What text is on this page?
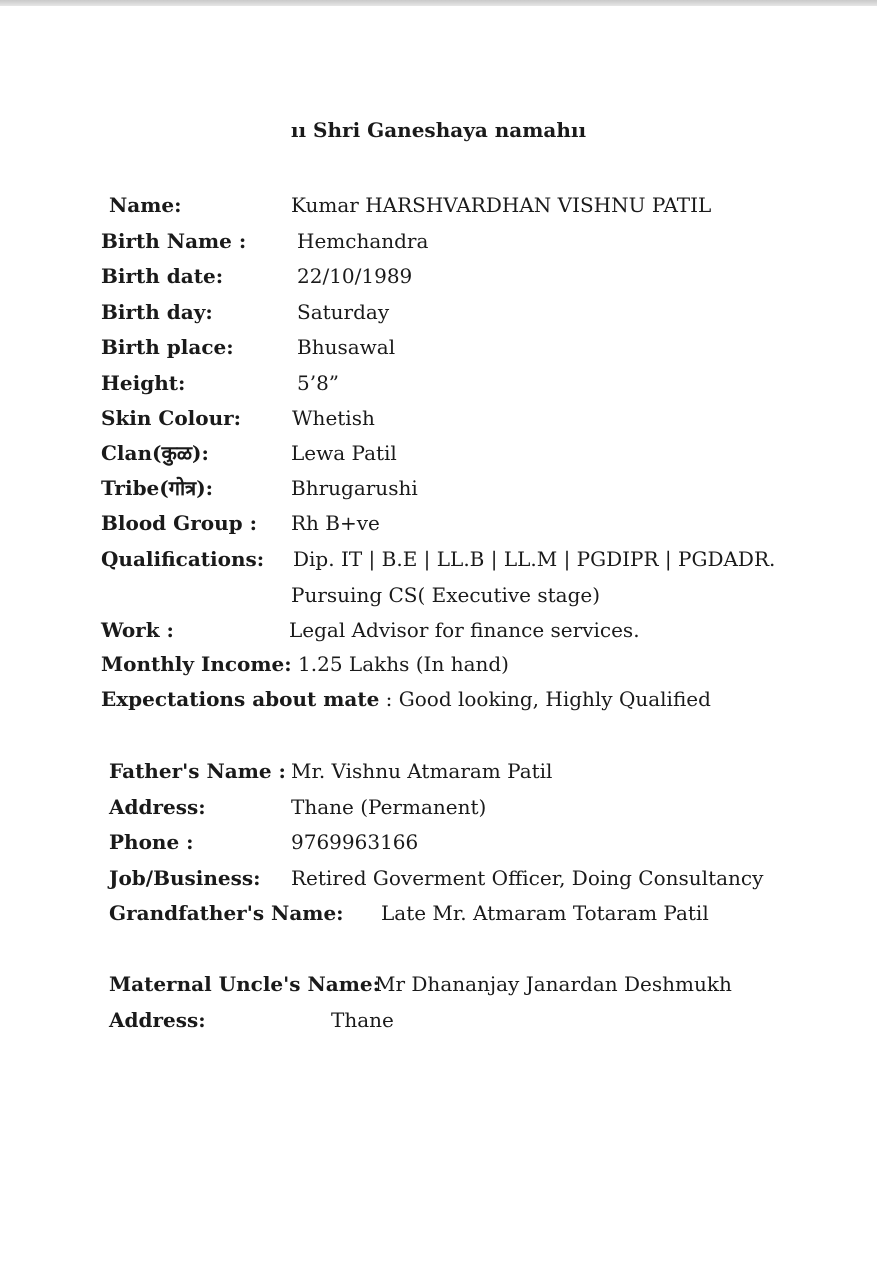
ıı Shri Ganeshaya namahıı
Name:	Kumar HARSHVARDHAN VISHNU PATIL
Birth Name :	Hemchandra
Birth date:	22/10/1989
Birth day:	Saturday
Birth place:	Bhusawal
Height:	5’8”
Skin Colour:	Whetish
Clan(कुळ):	Lewa Patil
Tribe(गोत्र):	Bhrugarushi
Blood Group : Rh B+ve
Qualifications: Dip. IT | B.E | LL.B | LL.M | PGDIPR | PGDADR.
Pursuing CS( Executive stage)
Work :	Legal Advisor for finance services.
Monthly Income: 1.25 Lakhs (In hand)
Expectations about mate : Good looking, Highly Qualified
Father's Name : Mr. Vishnu Atmaram Patil
Address:	Thane (Permanent)
Phone :	9769963166
Job/Business: Retired Goverment Officer, Doing Consultancy
Grandfather's Name: Late Mr. Atmaram Totaram Patil
Maternal Uncle's Name:
Mr Dhananjay Janardan Deshmukh
Address:	Thane
